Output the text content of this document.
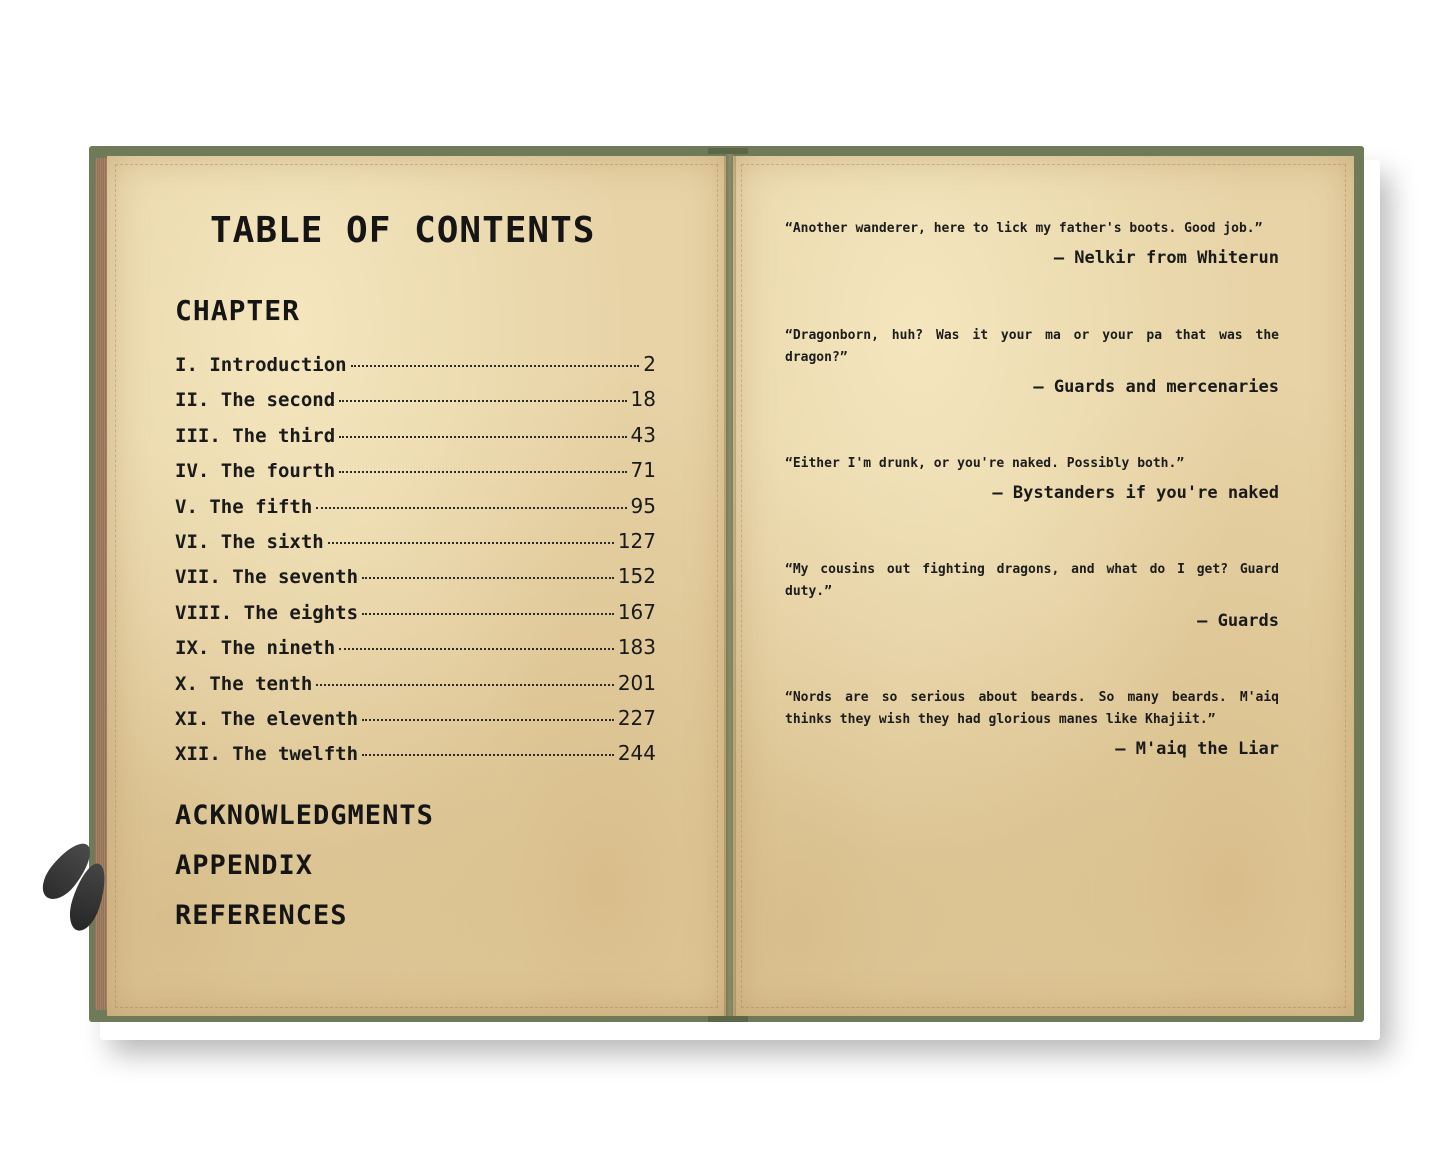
TABLE OF CONTENTS
CHAPTER
I. Introduction	2
II. The second	18
III. The third	43
IV. The fourth	71
V. The fifth	95
VI. The sixth	127
VII. The seventh	152
VIII. The eights	167
IX. The nineth	183
X. The tenth	201
XI. The eleventh	227
XII. The twelfth	244
ACKNOWLEDGMENTS
APPENDIX
REFERENCES

“Another wanderer, here to lick my father's boots. Good job.”

– Nelkir from Whiterun

“Dragonborn, huh? Was it your ma or your pa that was the dragon?”

– Guards and mercenaries

“Either I'm drunk, or you're naked. Possibly both.”

– Bystanders if you're naked

“My cousins out fighting dragons, and what do I get? Guard duty.”

– Guards

“Nords are so serious about beards. So many beards. M'aiq thinks they wish they had glorious manes like Khajiit.”

– M'aiq the Liar
